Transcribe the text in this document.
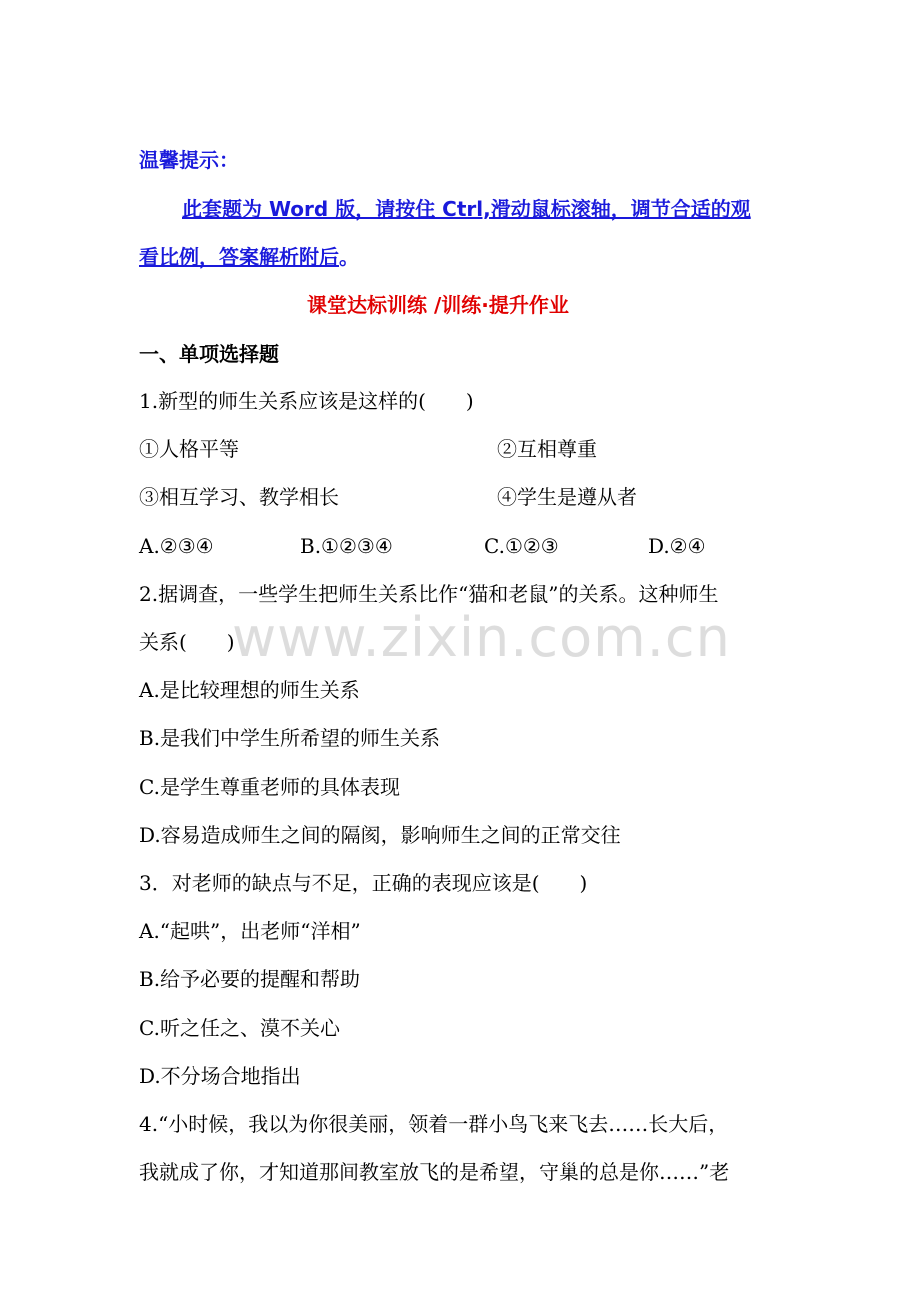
www.zixin.com.cn
温馨提示：
此套题为 Word 版，请按住 Ctrl,滑动鼠标滚轴，调节合适的观
看比例，答案解析附后。
课堂达标训练 /训练·提升作业
一、单项选择题
1.新型的师生关系应该是这样的(　　)
①人格平等	②互相尊重
③相互学习、教学相长	④学生是遵从者
A.②③④	B.①②③④	C.①②③	D.②④
2.据调查，一些学生把师生关系比作“猫和老鼠”的关系。这种师生
关系(　　)
A.是比较理想的师生关系
B.是我们中学生所希望的师生关系
C.是学生尊重老师的具体表现
D.容易造成师生之间的隔阂，影响师生之间的正常交往
3．对老师的缺点与不足，正确的表现应该是(　　)
A.“起哄”，出老师“洋相”
B.给予必要的提醒和帮助
C.听之任之、漠不关心
D.不分场合地指出
4.“小时候，我以为你很美丽，领着一群小鸟飞来飞去……长大后，
我就成了你，才知道那间教室放飞的是希望，守巢的总是你……”老
